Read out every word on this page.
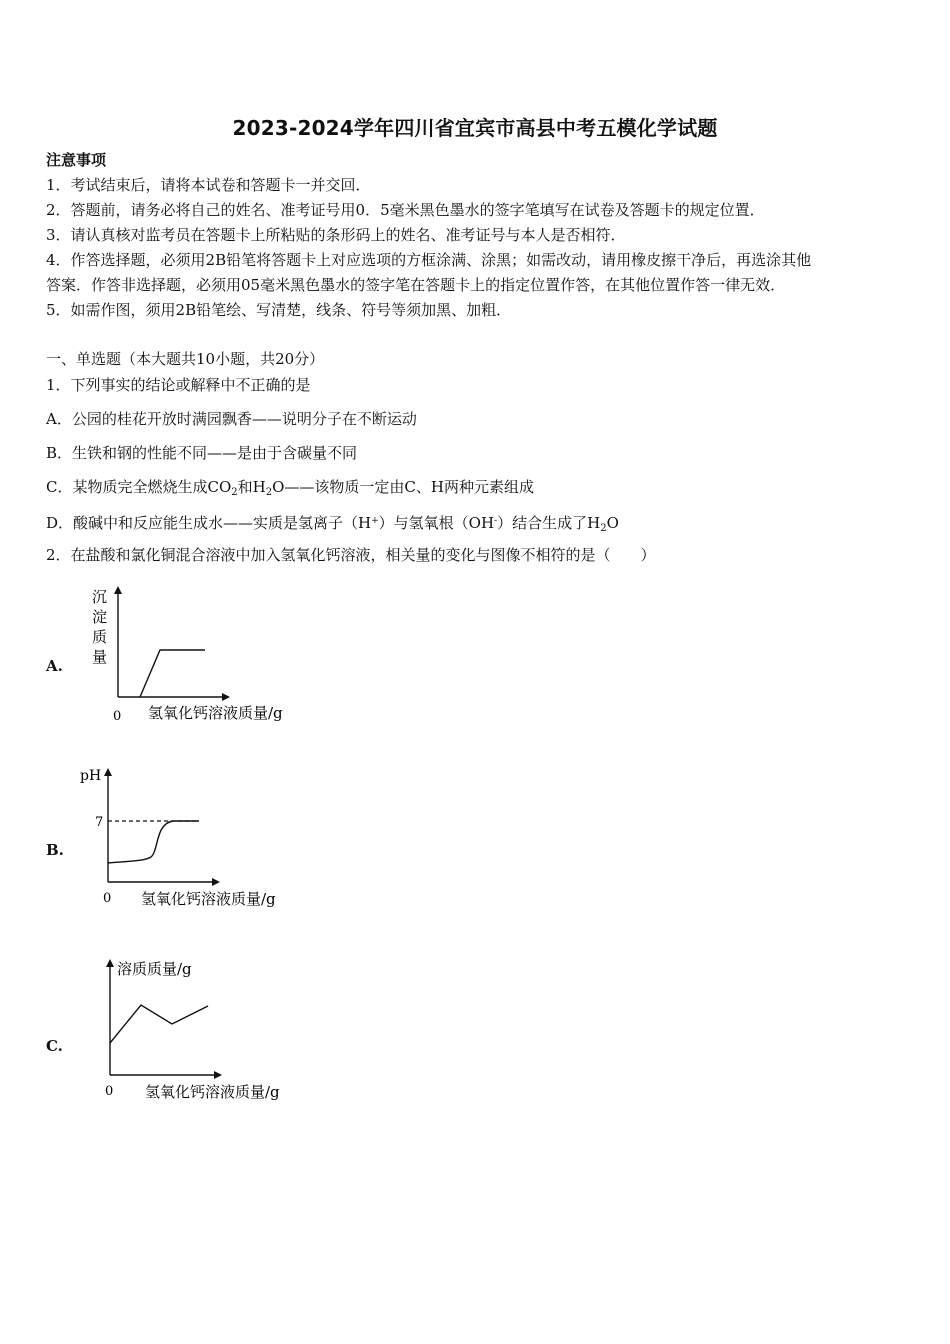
2023-2024学年四川省宜宾市高县中考五模化学试题
注意事项
1．考试结束后，请将本试卷和答题卡一并交回．
2．答题前，请务必将自己的姓名、准考证号用0．5毫米黑色墨水的签字笔填写在试卷及答题卡的规定位置．
3．请认真核对监考员在答题卡上所粘贴的条形码上的姓名、准考证号与本人是否相符．
4．作答选择题，必须用2B铅笔将答题卡上对应选项的方框涂满、涂黑；如需改动，请用橡皮擦干净后，再选涂其他
答案．作答非选择题，必须用05毫米黑色墨水的签字笔在答题卡上的指定位置作答，在其他位置作答一律无效．
5．如需作图，须用2B铅笔绘、写清楚，线条、符号等须加黑、加粗．
一、单选题（本大题共10小题，共20分）
1．下列事实的结论或解释中不正确的是
A．公园的桂花开放时满园飘香——说明分子在不断运动
B．生铁和钢的性能不同——是由于含碳量不同
C．某物质完全燃烧生成$CO_2$和$H_2O——$该物质一定由C、H两种元素组成
D．酸碱中和反应能生成水——实质是氢离子（H+）与氢氧根（OH-）结合生成了$H_2O$
2．在盐酸和氯化铜混合溶液中加入氢氧化钙溶液，相关量的变化与图像不相符的是（　　）
A.
沉
淀
质
量
0 氢氧化钙溶液质量/g
B.
pH
7
0 氢氧化钙溶液质量/g
C.
溶质质量/g
0 氢氧化钙溶液质量/g
